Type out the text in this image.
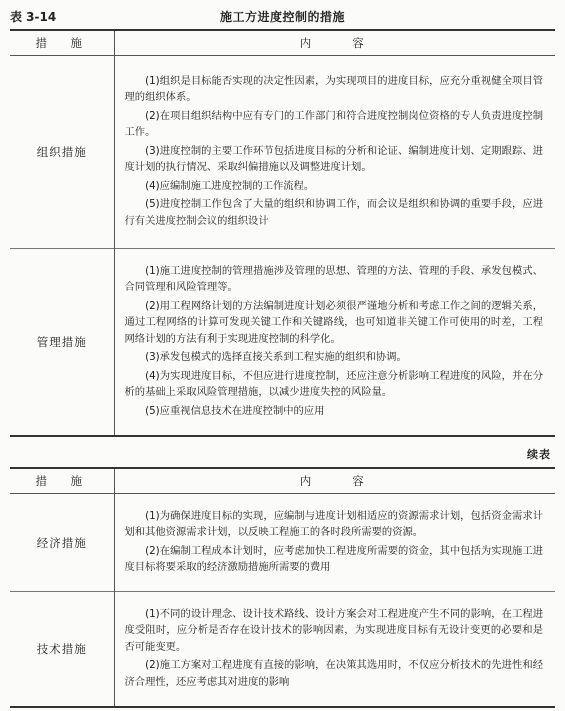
表 3-14	施工方进度控制的措施
措　施	内　　容
组织措施	(1)组织是目标能否实现的决定性因素，为实现项目的进度目标，应充分重视健全项目管理的组织体系。

(2)在项目组织结构中应有专门的工作部门和符合进度控制岗位资格的专人负责进度控制工作。

(3)进度控制的主要工作环节包括进度目标的分析和论证、编制进度计划、定期跟踪、进度计划的执行情况、采取纠偏措施以及调整进度计划。

(4)应编制施工进度控制的工作流程。

(5)进度控制工作包含了大量的组织和协调工作，而会议是组织和协调的重要手段，应进行有关进度控制会议的组织设计

管理措施	(1)施工进度控制的管理措施涉及管理的思想、管理的方法、管理的手段、承发包模式、合同管理和风险管理等。

(2)用工程网络计划的方法编制进度计划必须很严谨地分析和考虑工作之间的逻辑关系，通过工程网络的计算可发现关键工作和关键路线，也可知道非关键工作可使用的时差，工程网络计划的方法有利于实现进度控制的科学化。

(3)承发包模式的选择直接关系到工程实施的组织和协调。

(4)为实现进度目标，不但应进行进度控制，还应注意分析影响工程进度的风险，并在分析的基础上采取风险管理措施，以减少进度失控的风险量。

(5)应重视信息技术在进度控制中的应用

续表
措　施	内　　容
经济措施	(1)为确保进度目标的实现，应编制与进度计划相适应的资源需求计划，包括资金需求计划和其他资源需求计划，以反映工程施工的各时段所需要的资源。

(2)在编制工程成本计划时，应考虑加快工程进度所需要的资金，其中包括为实现施工进度目标将要采取的经济激励措施所需要的费用

技术措施	(1)不同的设计理念、设计技术路线、设计方案会对工程进度产生不同的影响，在工程进度受阻时，应分析是否存在设计技术的影响因素，为实现进度目标有无设计变更的必要和是否可能变更。

(2)施工方案对工程进度有直接的影响，在决策其选用时，不仅应分析技术的先进性和经济合理性，还应考虑其对进度的影响
